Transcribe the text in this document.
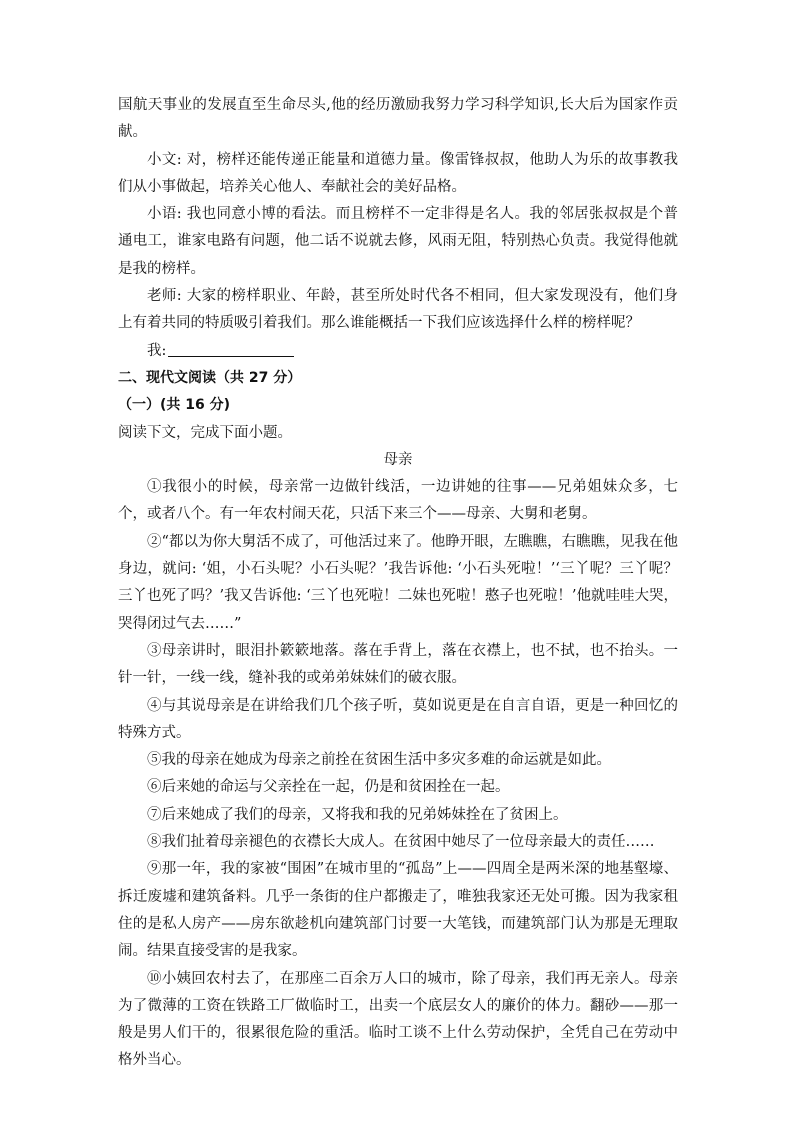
国航天事业的发展直至生命尽头,他的经历激励我努力学习科学知识,长大后为国家作贡献。

小文: 对，榜样还能传递正能量和道德力量。像雷锋叔叔，他助人为乐的故事教我们从小事做起，培养关心他人、奉献社会的美好品格。

小语: 我也同意小博的看法。而且榜样不一定非得是名人。我的邻居张叔叔是个普通电工，谁家电路有问题，他二话不说就去修，风雨无阻，特别热心负责。我觉得他就是我的榜样。

老师: 大家的榜样职业、年龄，甚至所处时代各不相同，但大家发现没有，他们身上有着共同的特质吸引着我们。那么谁能概括一下我们应该选择什么样的榜样呢？

我:

二、现代文阅读（共 27 分）

（一）(共 16 分)

阅读下文，完成下面小题。

母亲

①我很小的时候，母亲常一边做针线活，一边讲她的往事——兄弟姐妹众多，七个，或者八个。有一年农村闹天花，只活下来三个——母亲、大舅和老舅。

②“都以为你大舅活不成了，可他活过来了。他睁开眼，左瞧瞧，右瞧瞧，见我在他身边，就问: ‘姐，小石头呢？小石头呢？’我告诉他: ‘小石头死啦！’‘三丫呢？三丫呢？三丫也死了吗？’我又告诉他: ‘三丫也死啦！二妹也死啦！憨子也死啦！’他就哇哇大哭，哭得闭过气去……”

③母亲讲时，眼泪扑簌簌地落。落在手背上，落在衣襟上，也不拭，也不抬头。一针一针，一线一线，缝补我的或弟弟妹妹们的破衣服。

④与其说母亲是在讲给我们几个孩子听，莫如说更是在自言自语，更是一种回忆的特殊方式。

⑤我的母亲在她成为母亲之前拴在贫困生活中多灾多难的命运就是如此。

⑥后来她的命运与父亲拴在一起，仍是和贫困拴在一起。

⑦后来她成了我们的母亲，又将我和我的兄弟姊妹拴在了贫困上。

⑧我们扯着母亲褪色的衣襟长大成人。在贫困中她尽了一位母亲最大的责任……

⑨那一年，我的家被“围困”在城市里的“孤岛”上——四周全是两米深的地基壑壕、拆迁废墟和建筑备料。几乎一条街的住户都搬走了，唯独我家还无处可搬。因为我家租住的是私人房产——房东欲趁机向建筑部门讨要一大笔钱，而建筑部门认为那是无理取闹。结果直接受害的是我家。

⑩小姨回农村去了，在那座二百余万人口的城市，除了母亲，我们再无亲人。母亲为了微薄的工资在铁路工厂做临时工，出卖一个底层女人的廉价的体力。翻砂——那一般是男人们干的，很累很危险的重活。临时工谈不上什么劳动保护，全凭自己在劳动中格外当心。
